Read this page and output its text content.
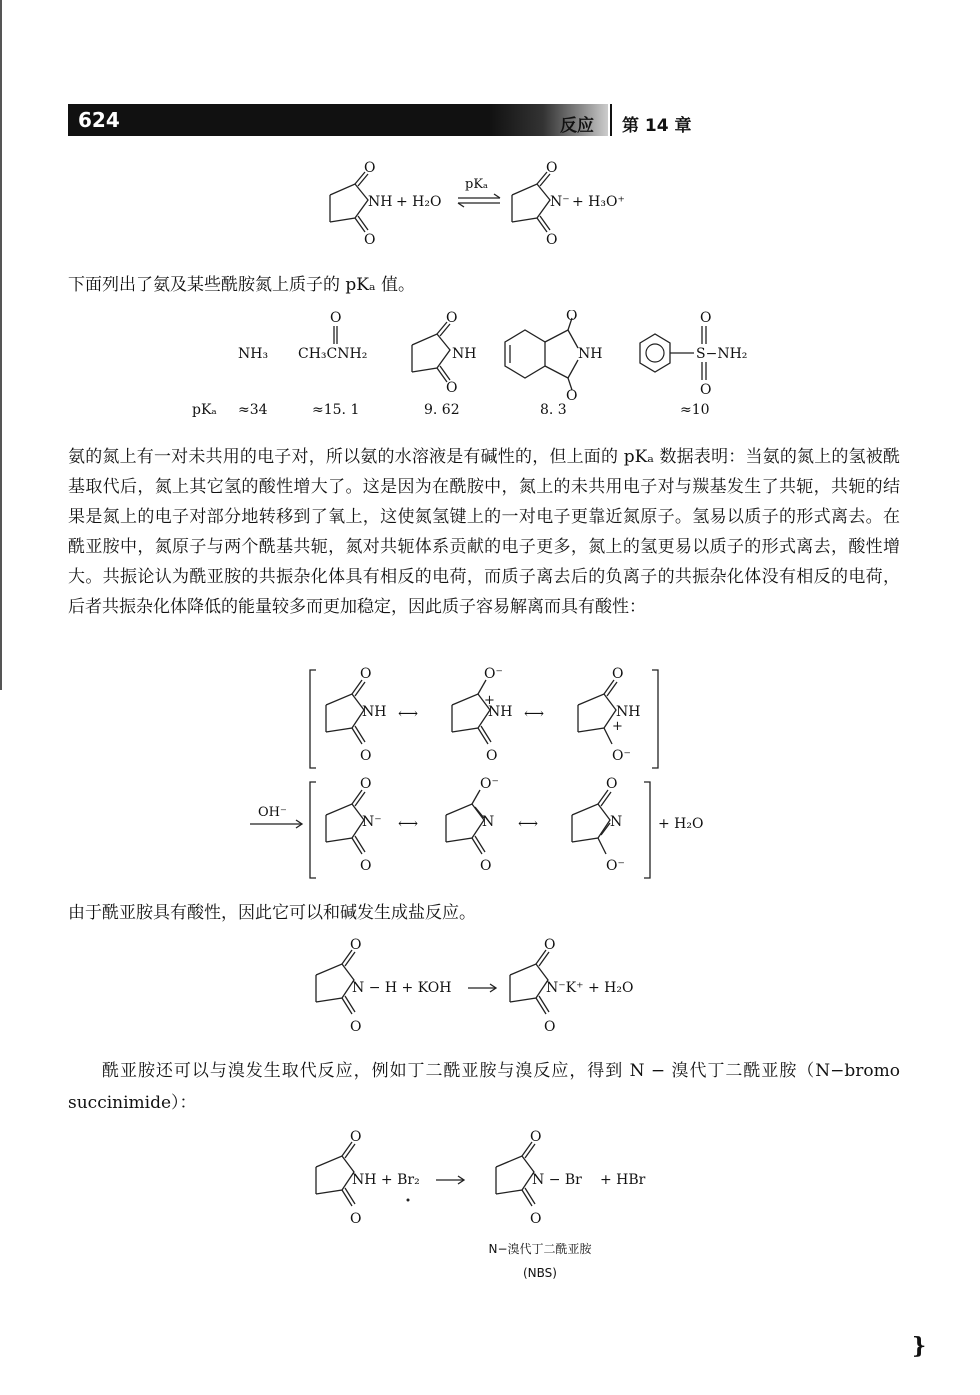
624	反应 第 14 章
O
O
NH + H₂O
pKₐ
O
O
N⁻ + H₃O⁺
下面列出了氨及某些酰胺氮上质子的 pKₐ 值。
NH₃
O
CH₃CNH₂
O
O
NH
O
O
NH
O
S−NH₂
O
pKₐ ≈34	≈15. 1	9. 62	8. 3	≈10
氨的氮上有一对未共用的电子对，所以氨的水溶液是有碱性的，但上面的 pKₐ 数据表明：当氨的氮上的氢被酰基取代后，氮上其它氢的酸性增大了。这是因为在酰胺中，氮上的未共用电子对与羰基发生了共轭，共轭的结果是氮上的电子对部分地转移到了氧上，这使氮氢键上的一对电子更靠近氮原子。氢易以质子的形式离去。在酰亚胺中，氮原子与两个酰基共轭，氮对共轭体系贡献的电子更多，氮上的氢更易以质子的形式离去，酸性增大。共振论认为酰亚胺的共振杂化体具有相反的电荷，而质子离去后的负离子的共振杂化体没有相反的电荷，后者共振杂化体降低的能量较多而更加稳定，因此质子容易解离而具有酸性：
O
O
NH ⟷
O⁻
O
+
NH ⟷
O
O⁻
NH
+
OH⁻
O
O
N⁻ ⟷
O⁻
O
N ⟷
O
O⁻
N	+ H₂O
由于酰亚胺具有酸性，因此它可以和碱发生成盐反应。
O
O
N − H + KOH
O
O
N⁻K⁺ + H₂O
酰亚胺还可以与溴发生取代反应，例如丁二酰亚胺与溴反应，得到 N − 溴代丁二酰亚胺（N−bromo succinimide）：
O
O
NH + Br₂
O
O
N − Br + HBr
N−溴代丁二酰亚胺
(NBS)
}
